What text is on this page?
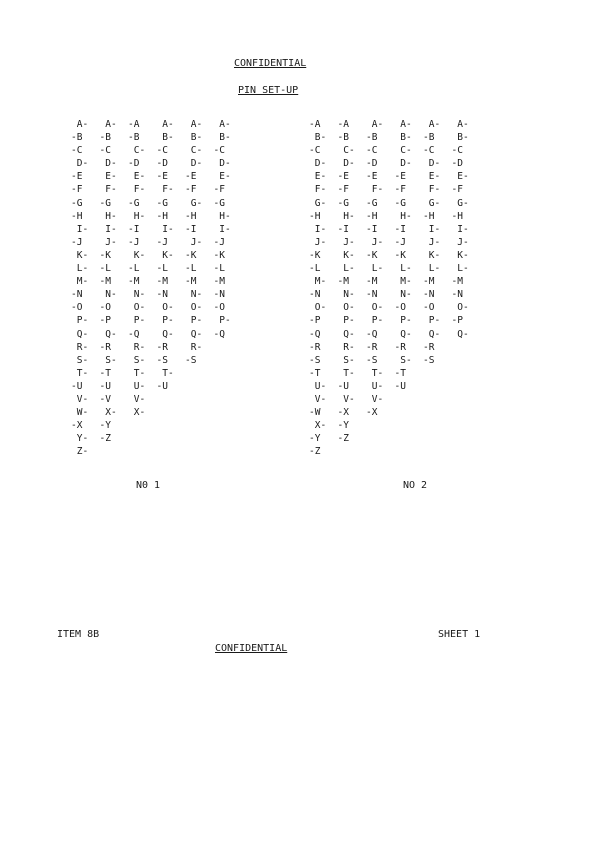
CONFIDENTIAL
PIN SET-UP
A- A- -A A- A- A-
-B -B -B B- B- B-
-C -C C- -C C- -C
D- D- -D -D D- D-
-E E- E- -E -E E-
-F F- F- F- -F -F
-G -G -G -G G- -G
-H H- H- -H -H H-
I- I- -I I- -I I-
-J J- -J -J J- -J
K- -K K- K- -K -K
L- -L -L -L -L -L
M- -M -M -M -M -M
-N N- N- -N N- -N
-O -O O- O- O- -O
P- -P P- P- P- P-
Q- Q- -Q Q- Q- -Q
R- -R R- -R R-
S- S- S- -S -S
T- -T T- T-
-U -U U- -U
V- -V V-
W- X- X-
-X -Y
Y- -Z
Z-
-A -A A- A- A- A-
B- -B -B B- -B B-
-C C- -C C- -C -C
D- D- -D D- D- -D
E- -E -E -E E- E-
F- -F F- -F F- -F
G- -G -G -G G- G-
-H H- -H H- -H -H
I- -I -I -I I- I-
J- J- J- -J J- J-
-K K- -K -K K- K-
-L L- L- L- L- L-
M- -M -M M- -M -M
-N N- -N N- -N -N
O- O- O- -O -O O-
-P P- P- P- P- -P
-Q Q- -Q Q- Q- Q-
-R R- -R -R -R
-S S- -S S- -S
-T T- T- -T
U- -U U- -U
V- V- V-
-W -X -X
X- -Y
-Y -Z
-Z
N0 1	NO 2
ITEM 8B	SHEET 1
CONFIDENTIAL
